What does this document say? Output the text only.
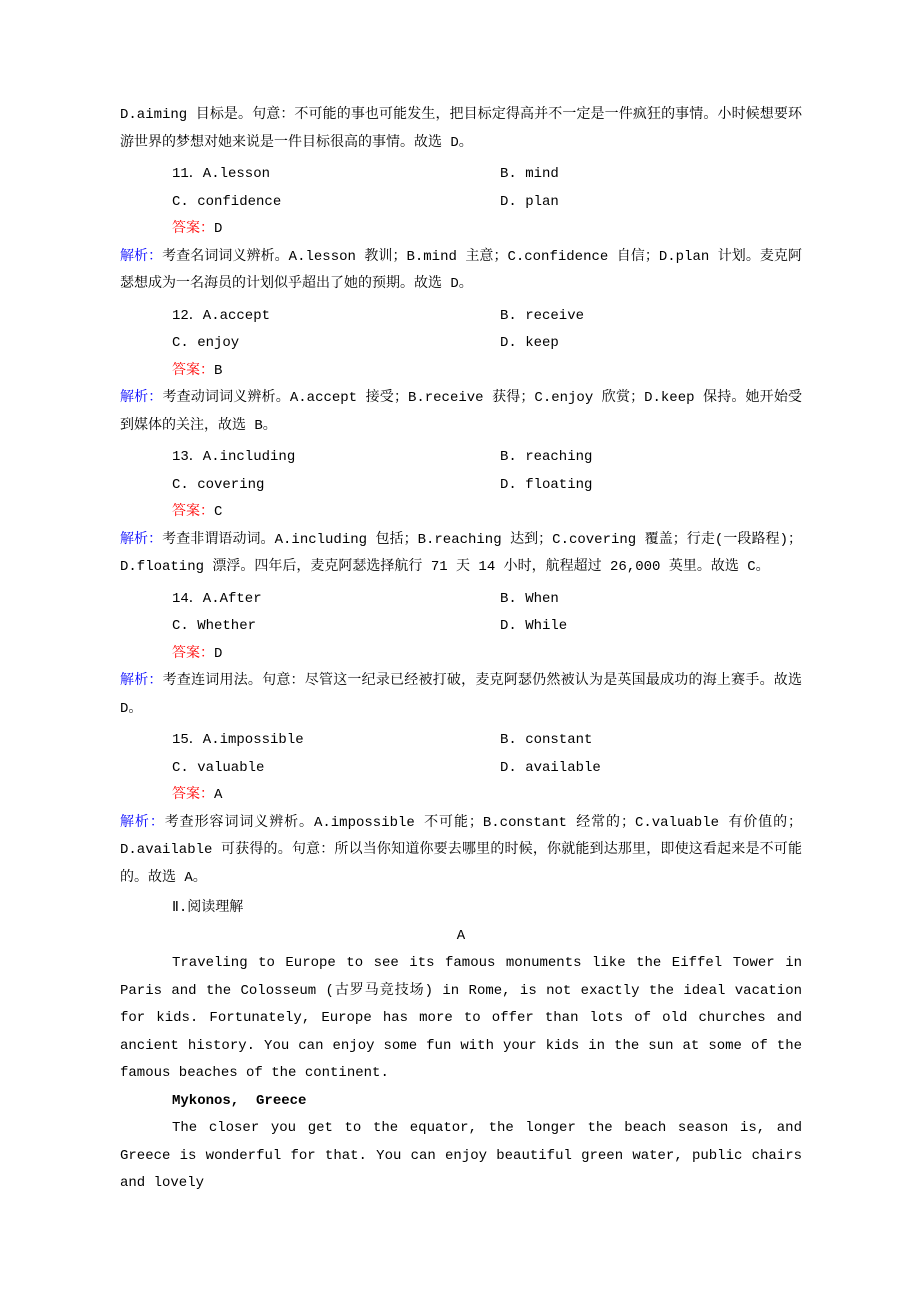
D.aiming 目标是。句意：不可能的事也可能发生，把目标定得高并不一定是一件疯狂的事情。小时候想要环游世界的梦想对她来说是一件目标很高的事情。故选 D。

11．A.lesson	B. mind
C. confidence	D. plan
答案：D

解析：考查名词词义辨析。A.lesson 教训；B.mind 主意；C.confidence 自信；D.plan 计划。麦克阿瑟想成为一名海员的计划似乎超出了她的预期。故选 D。

12．A.accept	B. receive
C. enjoy	D. keep
答案：B

解析：考查动词词义辨析。A.accept 接受；B.receive 获得；C.enjoy 欣赏；D.keep 保持。她开始受到媒体的关注，故选 B。

13．A.including	B. reaching
C. covering	D. floating
答案：C

解析：考查非谓语动词。A.including 包括；B.reaching 达到；C.covering 覆盖；行走(一段路程)；D.floating 漂浮。四年后，麦克阿瑟选择航行 71 天 14 小时，航程超过 26,000 英里。故选 C。

14．A.After	B. When
C. Whether	D. While
答案：D

解析：考查连词用法。句意：尽管这一纪录已经被打破，麦克阿瑟仍然被认为是英国最成功的海上赛手。故选 D。

15．A.impossible	B. constant
C. valuable	D. available
答案：A

解析：考查形容词词义辨析。A.impossible 不可能；B.constant 经常的；C.valuable 有价值的；D.available 可获得的。句意：所以当你知道你要去哪里的时候，你就能到达那里，即使这看起来是不可能的。故选 A。

Ⅱ.阅读理解

A

Traveling to Europe to see its famous monuments like the Eiffel Tower in Paris and the Colosseum (古罗马竞技场) in Rome, is not exactly the ideal vacation for kids. Fortunately, Europe has more to offer than lots of old churches and ancient history. You can enjoy some fun with your kids in the sun at some of the famous beaches of the continent.

Mykonos,  Greece

The closer you get to the equator, the longer the beach season is, and Greece is wonderful for that. You can enjoy beautiful green water, public chairs and lovely
